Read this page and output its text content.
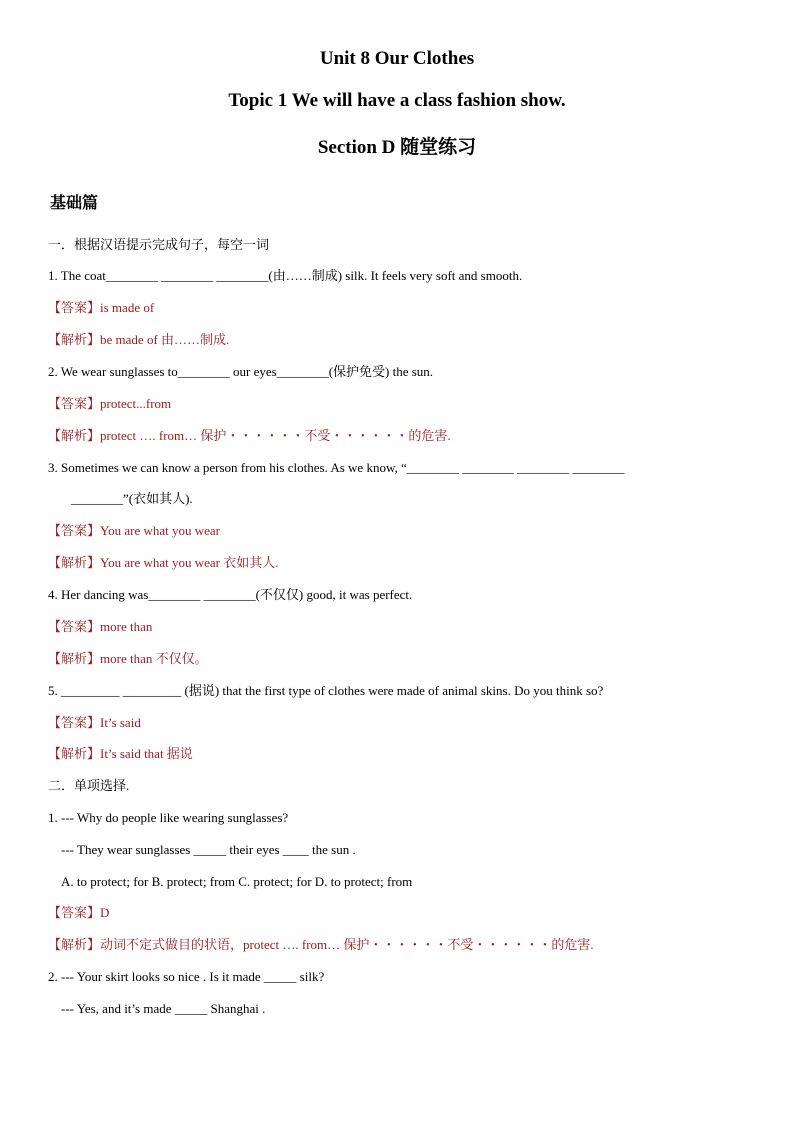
Unit 8 Our Clothes
Topic 1 We will have a class fashion show.
Section D 随堂练习
基础篇
一．根据汉语提示完成句子，每空一词
1. The coat________ ________ ________(由……制成) silk. It feels very soft and smooth.
【答案】is made of
【解析】be made of 由……制成.
2. We wear sunglasses to________ our eyes________(保护免受) the sun.
【答案】protect...from
【解析】protect …. from… 保护・・・・・・不受・・・・・・的危害.
3. Sometimes we can know a person from his clothes. As we know, “________ ________ ________ ________
________”(衣如其人).
【答案】You are what you wear
【解析】You are what you wear 衣如其人.
4. Her dancing was________ ________(不仅仅) good, it was perfect.
【答案】more than
【解析】more than 不仅仅。
5. _________ _________ (据说) that the first type of clothes were made of animal skins. Do you think so?
【答案】It’s said
【解析】It’s said that 据说
二．单项选择.
1. --- Why do people like wearing sunglasses?
--- They wear sunglasses _____ their eyes ____ the sun .
A. to protect; for B. protect; from C. protect; for D. to protect; from
【答案】D
【解析】动词不定式做目的状语，protect …. from… 保护・・・・・・不受・・・・・・的危害.
2. --- Your skirt looks so nice . Is it made _____ silk?
--- Yes, and it’s made _____ Shanghai .
